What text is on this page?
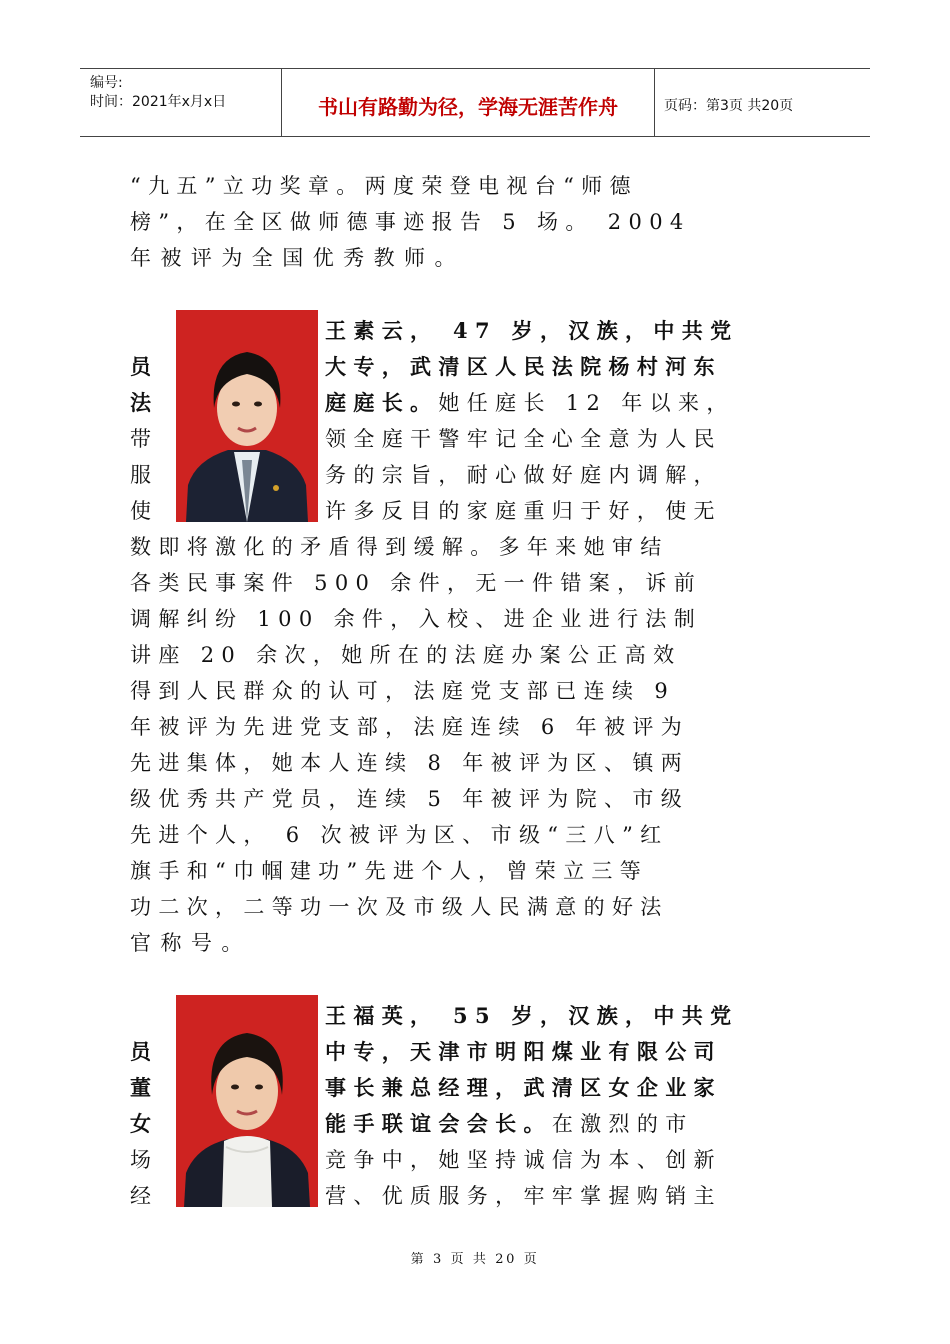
编号:
时间：2021年x月x日	书山有路勤为径，学海无涯苦作舟	页码：第3页 共20页
“九五”立功奖章。两度荣登电视台“师德
榜”，在全区做师德事迹报告 5 场。 2004
年被评为全国优秀教师。
王素云， 47 岁，汉族，中共党
员
法
带
服
使
大专，武清区人民法院杨村河东
庭庭长。她任庭长 12 年以来，
领全庭干警牢记全心全意为人民
务的宗旨，耐心做好庭内调解，
许多反目的家庭重归于好，使无
数即将激化的矛盾得到缓解。多年来她审结
各类民事案件 500 余件，无一件错案，诉前
调解纠纷 100 余件，入校、进企业进行法制
讲座 20 余次，她所在的法庭办案公正高效
得到人民群众的认可，法庭党支部已连续 9
年被评为先进党支部，法庭连续 6 年被评为
先进集体，她本人连续 8 年被评为区、镇两
级优秀共产党员，连续 5 年被评为院、市级
先进个人， 6 次被评为区、市级“三八”红
旗手和“巾帼建功”先进个人，曾荣立三等
功二次，二等功一次及市级人民满意的好法
官称号。
王福英， 55 岁，汉族，中共党
员
董
女
场
经
中专，天津市明阳煤业有限公司
事长兼总经理，武清区女企业家
能手联谊会会长。在激烈的市
竞争中，她坚持诚信为本、创新
营、优质服务，牢牢掌握购销主
第 3 页 共 20 页
